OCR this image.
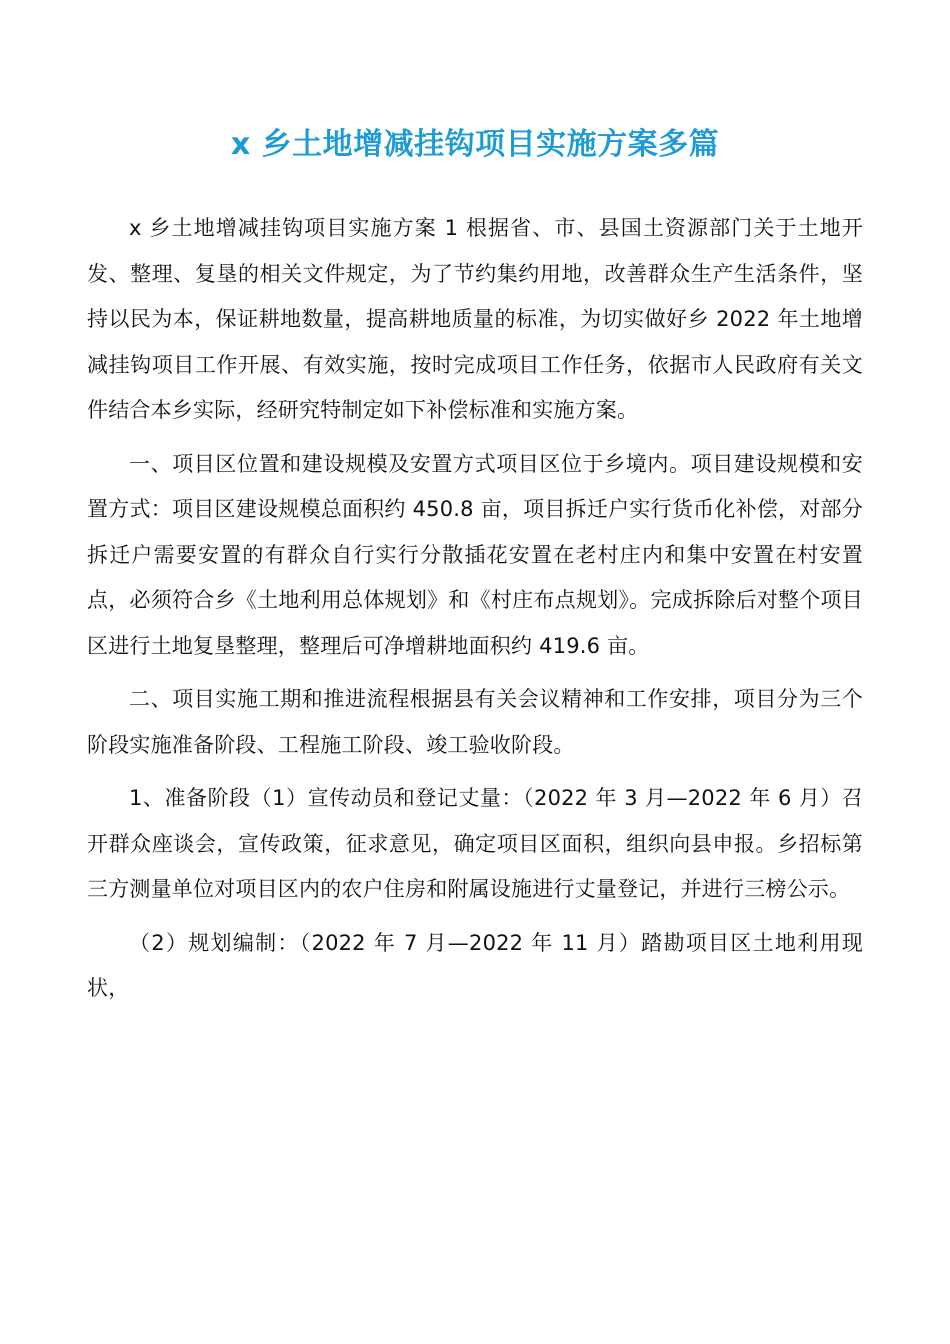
x 乡土地增减挂钩项目实施方案多篇

x 乡土地增减挂钩项目实施方案 1 根据省、市、县国土资源部门关于土地开发、整理、复垦的相关文件规定，为了节约集约用地，改善群众生产生活条件，坚持以民为本，保证耕地数量，提高耕地质量的标准，为切实做好乡 2022 年土地增减挂钩项目工作开展、有效实施，按时完成项目工作任务，依据市人民政府有关文件结合本乡实际，经研究特制定如下补偿标准和实施方案。

一、项目区位置和建设规模及安置方式项目区位于乡境内。项目建设规模和安置方式：项目区建设规模总面积约 450.8 亩，项目拆迁户实行货币化补偿，对部分拆迁户需要安置的有群众自行实行分散插花安置在老村庄内和集中安置在村安置点，必须符合乡《土地利用总体规划》和《村庄布点规划》。完成拆除后对整个项目区进行土地复垦整理，整理后可净增耕地面积约 419.6 亩。

二、项目实施工期和推进流程根据县有关会议精神和工作安排，项目分为三个阶段实施准备阶段、工程施工阶段、竣工验收阶段。

1、准备阶段（1）宣传动员和登记丈量：（2022 年 3 月—2022 年 6 月）召开群众座谈会，宣传政策，征求意见，确定项目区面积，组织向县申报。乡招标第三方测量单位对项目区内的农户住房和附属设施进行丈量登记，并进行三榜公示。

（2）规划编制：（2022 年 7 月—2022 年 11 月）踏勘项目区土地利用现状，
